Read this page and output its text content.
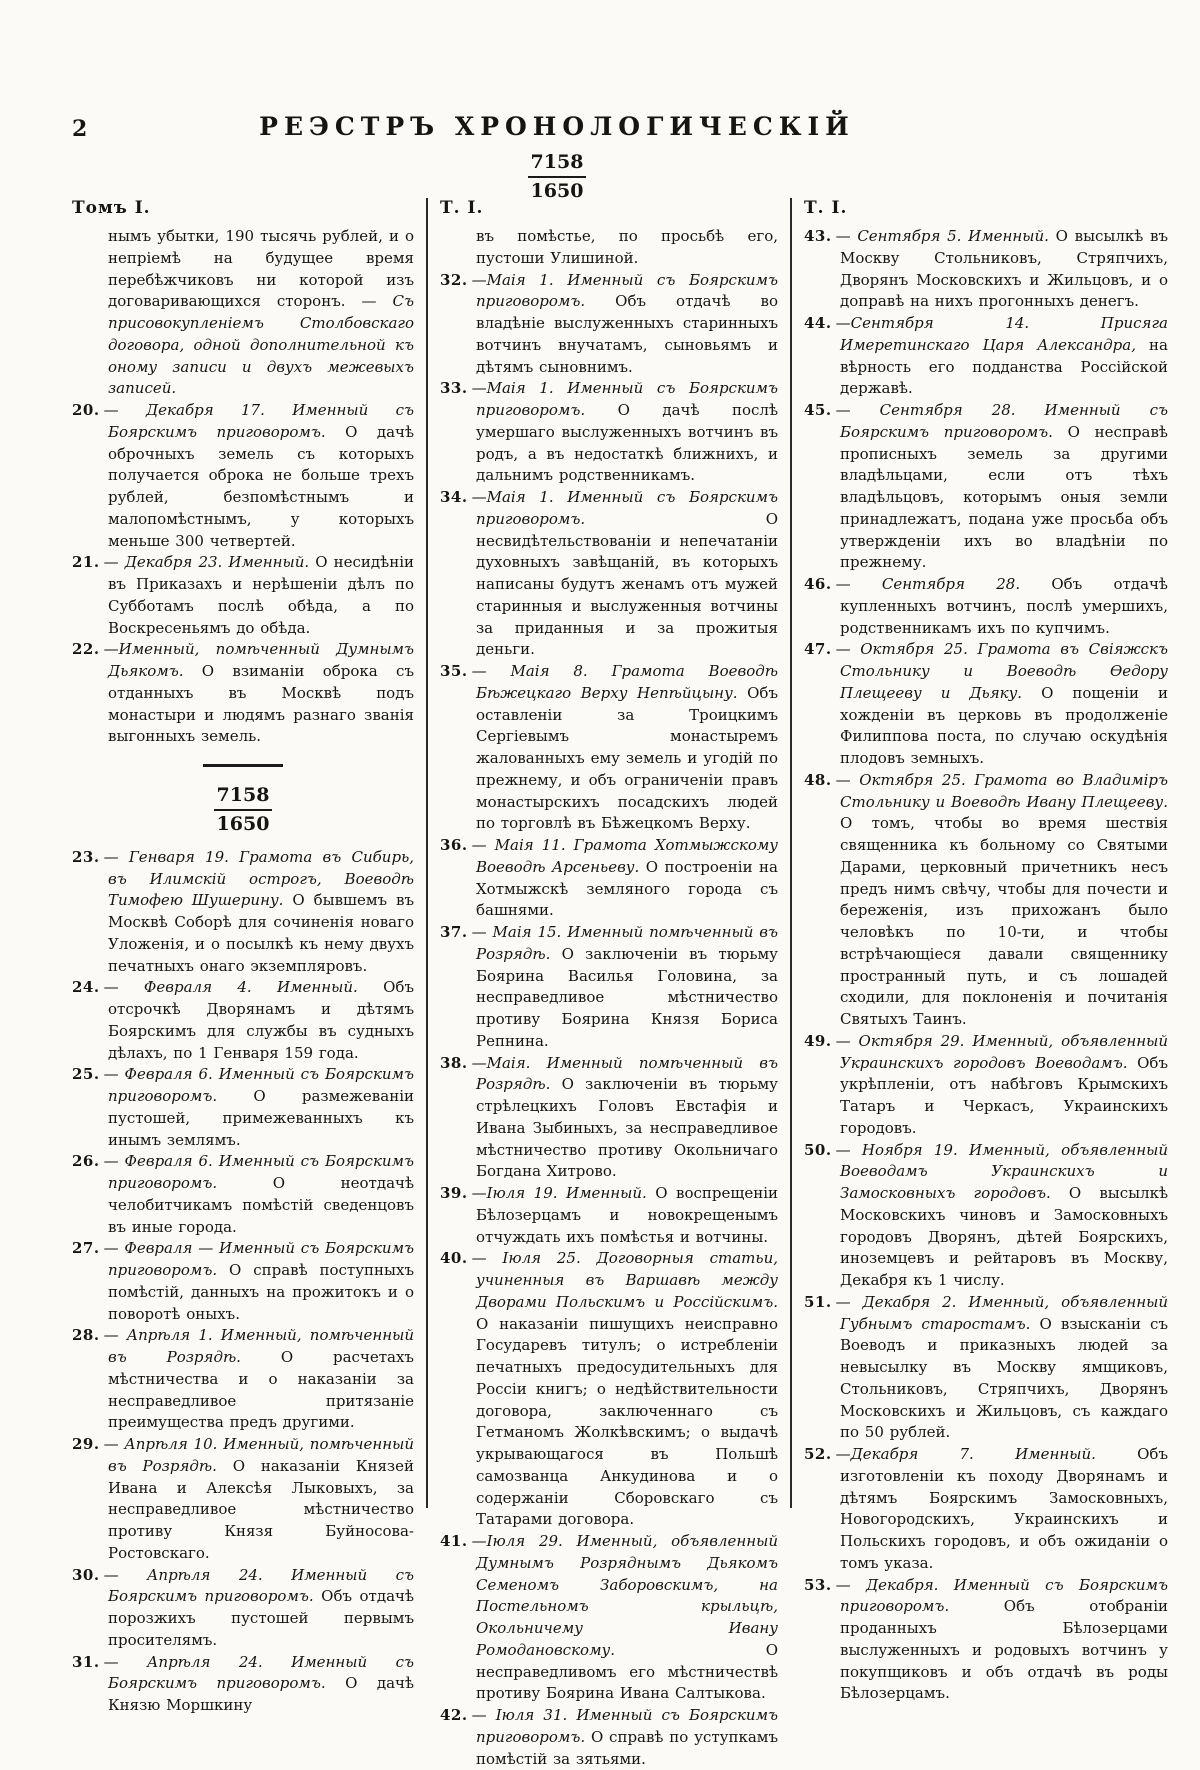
2	РЕЭСТРЪ ХРОНОЛОГИЧЕСКІЙ
$\frac{7158}{1650}$
Томъ I.

нымъ убытки, 190 тысячь рублей, и о непріемѣ на будущее время перебѣжчиковъ ни которой изъ договаривающихся сторонъ. — Съ присовокупленіемъ Столбовскаго договора, одной дополнительной къ оному записи и двухъ межевыхъ записей.

20. — Декабря 17. Именный съ Боярскимъ приговоромъ. О дачѣ оброчныхъ земель съ которыхъ получается оброка не больше трехъ рублей, безпомѣстнымъ и малопомѣстнымъ, у которыхъ меньше 300 четвертей.

21. — Декабря 23. Именный. О несидѣніи въ Приказахъ и нерѣшеніи дѣлъ по Субботамъ послѣ обѣда, а по Воскресеньямъ до обѣда.

22. —Именный, помѣченный Думнымъ Дьякомъ. О взиманіи оброка съ отданныхъ въ Москвѣ подъ монастыри и людямъ разнаго званія выгонныхъ земель.

$\frac{7158}{1650}$

23. — Генваря 19. Грамота въ Сибирь, въ Илимскій острогъ, Воеводѣ Тимофею Шушерину. О бывшемъ въ Москвѣ Соборѣ для сочиненія новаго Уложенія, и о посылкѣ къ нему двухъ печатныхъ онаго экземпляровъ.

24. — Февраля 4. Именный. Объ отсрочкѣ Дворянамъ и дѣтямъ Боярскимъ для службы въ судныхъ дѣлахъ, по 1 Генваря 159 года.

25. — Февраля 6. Именный съ Боярскимъ приговоромъ. О размежеваніи пустошей, примежеванныхъ къ инымъ землямъ.

26. — Февраля 6. Именный съ Боярскимъ приговоромъ. О неотдачѣ челобитчикамъ помѣстій сведенцовъ въ иные города.

27. — Февраля — Именный съ Боярскимъ приговоромъ. О справѣ поступныхъ помѣстій, данныхъ на прожитокъ и о поворотѣ оныхъ.

28. — Апрѣля 1. Именный, помѣченный въ Розрядѣ. О расчетахъ мѣстничества и о наказаніи за несправедливое притязаніе преимущества предъ другими.

29. — Апрѣля 10. Именный, помѣченный въ Розрядѣ. О наказаніи Князей Ивана и Алексѣя Лыковыхъ, за несправедливое мѣстничество противу Князя Буйносова-Ростовскаго.

30. — Апрѣля 24. Именный съ Боярскимъ приговоромъ. Объ отдачѣ порозжихъ пустошей первымъ просителямъ.

31. — Апрѣля 24. Именный съ Боярскимъ приговоромъ. О дачѣ Князю Моршкину

Т. I.

въ помѣстье, по просьбѣ его, пустоши Улишиной.

32. —Маія 1. Именный съ Боярскимъ приговоромъ. Объ отдачѣ во владѣніе выслуженныхъ старинныхъ вотчинъ внучатамъ, сыновьямъ и дѣтямъ сыновнимъ.

33. —Маія 1. Именный съ Боярскимъ приговоромъ. О дачѣ послѣ умершаго выслуженныхъ вотчинъ въ родъ, а въ недостаткѣ ближнихъ, и дальнимъ родственникамъ.

34. —Маія 1. Именный съ Боярскимъ приговоромъ. О несвидѣтельствованіи и непечатаніи духовныхъ завѣщаній, въ которыхъ написаны будутъ женамъ отъ мужей старинныя и выслуженныя вотчины за приданныя и за прожитыя деньги.

35. — Маія 8. Грамота Воеводѣ Бѣжецкаго Верху Непѣйцыну. Объ оставленіи за Троицкимъ Сергіевымъ монастыремъ жалованныхъ ему земель и угодій по прежнему, и объ ограниченіи правъ монастырскихъ посадскихъ людей по торговлѣ въ Бѣжецкомъ Верху.

36. — Маія 11. Грамота Хотмыжскому Воеводѣ Арсеньеву. О построеніи на Хотмыжскѣ земляного города съ башнями.

37. — Маія 15. Именный помѣченный въ Розрядѣ. О заключеніи въ тюрьму Боярина Василья Головина, за несправедливое мѣстничество противу Боярина Князя Бориса Репнина.

38. —Маія. Именный помѣченный въ Розрядѣ. О заключеніи въ тюрьму стрѣлецкихъ Головъ Евстафія и Ивана Зыбиныхъ, за несправедливое мѣстничество противу Окольничаго Богдана Хитрово.

39. —Іюля 19. Именный. О воспрещеніи Бѣлозерцамъ и новокрещенымъ отчуждать ихъ помѣстья и вотчины.

40. — Іюля 25. Договорныя статьи, учиненныя въ Варшавѣ между Дворами Польскимъ и Россійскимъ. О наказаніи пишущихъ неисправно Государевъ титулъ; о истребленіи печатныхъ предосудительныхъ для Россіи книгъ; о недѣйствительности договора, заключеннаго съ Гетманомъ Жолкѣвскимъ; о выдачѣ укрывающагося въ Польшѣ самозванца Анкудинова и о содержаніи Сборовскаго съ Татарами договора.

41. —Іюля 29. Именный, объявленный Думнымъ Розряднымъ Дьякомъ Семеномъ Заборовскимъ, на Постельномъ крыльцѣ, Окольничему Ивану Ромодановскому. О несправедливомъ его мѣстничествѣ противу Боярина Ивана Салтыкова.

42. — Іюля 31. Именный съ Боярскимъ приговоромъ. О справѣ по уступкамъ помѣстій за зятьями.

Т. I.

43. — Сентября 5. Именный. О высылкѣ въ Москву Стольниковъ, Стряпчихъ, Дворянъ Московскихъ и Жильцовъ, и о доправѣ на нихъ прогонныхъ денегъ.

44. —Сентября 14. Присяга Имеретинскаго Царя Александра, на вѣрность его подданства Россійской державѣ.

45. — Сентября 28. Именный съ Боярскимъ приговоромъ. О несправѣ прописныхъ земель за другими владѣльцами, если отъ тѣхъ владѣльцовъ, которымъ оныя земли принадлежатъ, подана уже просьба объ утвержденіи ихъ во владѣніи по прежнему.

46. — Сентября 28. Объ отдачѣ купленныхъ вотчинъ, послѣ умершихъ, родственникамъ ихъ по купчимъ.

47. — Октября 25. Грамота въ Свіяжскъ Стольнику и Воеводѣ Ѳедору Плещееву и Дьяку. О пощеніи и хожденіи въ церковь въ продолженіе Филиппова поста, по случаю оскудѣнія плодовъ земныхъ.

48. — Октября 25. Грамота во Владиміръ Стольнику и Воеводѣ Ивану Плещееву. О томъ, чтобы во время шествія священника къ больному со Святыми Дарами, церковный причетникъ несъ предъ нимъ свѣчу, чтобы для почести и береженія, изъ прихожанъ было человѣкъ по 10-ти, и чтобы встрѣчающіеся давали священнику пространный путь, и съ лошадей сходили, для поклоненія и почитанія Святыхъ Таинъ.

49. — Октября 29. Именный, объявленный Украинскихъ городовъ Воеводамъ. Объ укрѣпленіи, отъ набѣговъ Крымскихъ Татаръ и Черкасъ, Украинскихъ городовъ.

50. — Ноября 19. Именный, объявленный Воеводамъ Украинскихъ и Замосковныхъ городовъ. О высылкѣ Московскихъ чиновъ и Замосковныхъ городовъ Дворянъ, дѣтей Боярскихъ, иноземцевъ и рейтаровъ въ Москву, Декабря къ 1 числу.

51. — Декабря 2. Именный, объявленный Губнымъ старостамъ. О взысканіи съ Воеводъ и приказныхъ людей за невысылку въ Москву ямщиковъ, Стольниковъ, Стряпчихъ, Дворянъ Московскихъ и Жильцовъ, съ каждаго по 50 рублей.

52. —Декабря 7. Именный. Объ изготовленіи къ походу Дворянамъ и дѣтямъ Боярскимъ Замосковныхъ, Новогородскихъ, Украинскихъ и Польскихъ городовъ, и объ ожиданіи о томъ указа.

53. — Декабря. Именный съ Боярскимъ приговоромъ. Объ отобраніи проданныхъ Бѣлозерцами выслуженныхъ и родовыхъ вотчинъ у покупщиковъ и объ отдачѣ въ роды Бѣлозерцамъ.
